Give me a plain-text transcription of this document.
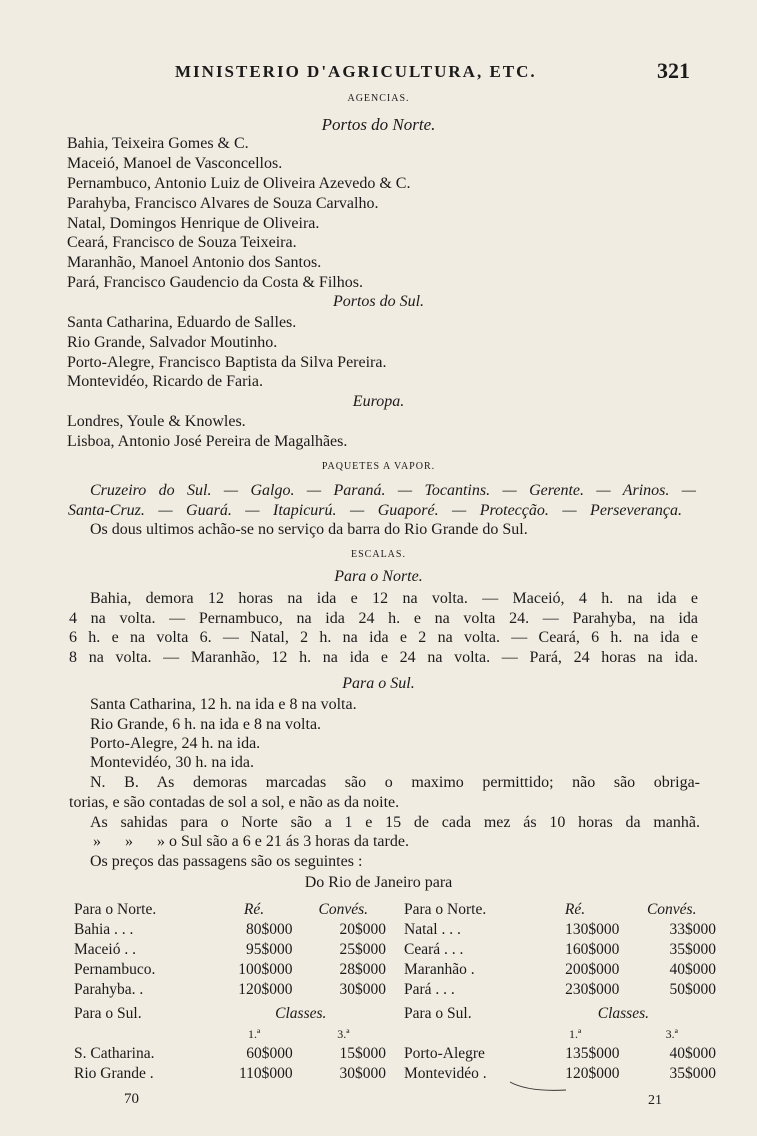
MINISTERIO D'AGRICULTURA, ETC.	321
AGENCIAS.
Portos do Norte.
Bahia, Teixeira Gomes & C.
Maceió, Manoel de Vasconcellos.
Pernambuco, Antonio Luiz de Oliveira Azevedo & C.
Parahyba, Francisco Alvares de Souza Carvalho.
Natal, Domingos Henrique de Oliveira.
Ceará, Francisco de Souza Teixeira.
Maranhão, Manoel Antonio dos Santos.
Pará, Francisco Gaudencio da Costa & Filhos.
Portos do Sul.
Santa Catharina, Eduardo de Salles.
Rio Grande, Salvador Moutinho.
Porto-Alegre, Francisco Baptista da Silva Pereira.
Montevidéo, Ricardo de Faria.
Europa.
Londres, Youle & Knowles.
Lisboa, Antonio José Pereira de Magalhães.
PAQUETES A VAPOR.
Cruzeiro do Sul. — Galgo. — Paraná. — Tocantins. — Gerente. — Arinos. —
Santa-Cruz. — Guará. — Itapicurú. — Guaporé. — Protecção. — Perseverança.
Os dous ultimos achão-se no serviço da barra do Rio Grande do Sul.
ESCALAS.
Para o Norte.
Bahia, demora 12 horas na ida e 12 na volta. — Maceió, 4 h. na ida e
4 na volta. — Pernambuco, na ida 24 h. e na volta 24. — Parahyba, na ida
6 h. e na volta 6. — Natal, 2 h. na ida e 2 na volta. — Ceará, 6 h. na ida e
8 na volta. — Maranhão, 12 h. na ida e 24 na volta. — Pará, 24 horas na ida.
Para o Sul.
Santa Catharina, 12 h. na ida e 8 na volta.
Rio Grande, 6 h. na ida e 8 na volta.
Porto-Alegre, 24 h. na ida.
Montevidéo, 30 h. na ida.
N. B. As demoras marcadas são o maximo permittido; não são obriga-
torias, e são contadas de sol a sol, e não as da noite.
As sahidas para o Norte são a 1 e 15 de cada mez ás 10 horas da manhã.
»      »      » o Sul são a 6 e 21 ás 3 horas da tarde.
Os preços das passagens são os seguintes :
Do Rio de Janeiro para
Para o Norte.	Ré.	Convés.
Bahia . . .	80$000	20$000
Maceió . .	95$000	25$000
Pernambuco.	100$000	28$000
Parahyba. .	120$000	30$000
Para o Norte.	Ré.	Convés.
Natal . . .	130$000	33$000
Ceará . . .	160$000	35$000
Maranhão .	200$000	40$000
Pará . . .	230$000	50$000
Para o Sul.	Classes.	
	1.ª	3.ª
S. Catharina.	60$000	15$000
Rio Grande .	110$000	30$000
Para o Sul.	Classes.	
	1.ª	3.ª
Porto-Alegre	135$000	40$000
Montevidéo .	120$000	35$000
70	21
